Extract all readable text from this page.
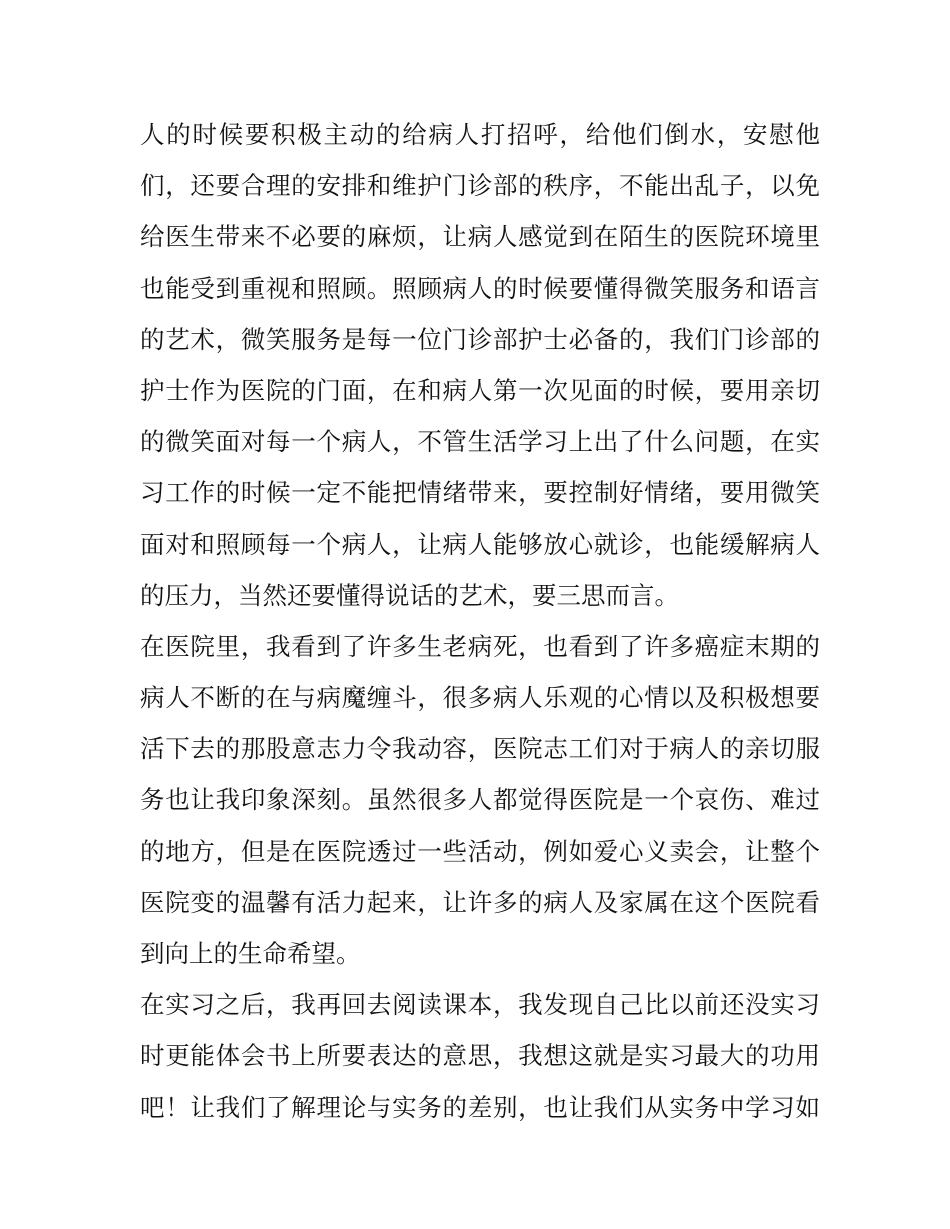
人的时候要积极主动的给病人打招呼，给他们倒水，安慰他
们，还要合理的安排和维护门诊部的秩序，不能出乱子，以免
给医生带来不必要的麻烦，让病人感觉到在陌生的医院环境里
也能受到重视和照顾。照顾病人的时候要懂得微笑服务和语言
的艺术，微笑服务是每一位门诊部护士必备的，我们门诊部的
护士作为医院的门面，在和病人第一次见面的时候，要用亲切
的微笑面对每一个病人，不管生活学习上出了什么问题，在实
习工作的时候一定不能把情绪带来，要控制好情绪，要用微笑
面对和照顾每一个病人，让病人能够放心就诊，也能缓解病人
的压力，当然还要懂得说话的艺术，要三思而言。
在医院里，我看到了许多生老病死，也看到了许多癌症末期的
病人不断的在与病魔缠斗，很多病人乐观的心情以及积极想要
活下去的那股意志力令我动容，医院志工们对于病人的亲切服
务也让我印象深刻。虽然很多人都觉得医院是一个哀伤、难过
的地方，但是在医院透过一些活动，例如爱心义卖会，让整个
医院变的温馨有活力起来，让许多的病人及家属在这个医院看
到向上的生命希望。
在实习之后，我再回去阅读课本，我发现自己比以前还没实习
时更能体会书上所要表达的意思，我想这就是实习最大的功用
吧！让我们了解理论与实务的差别，也让我们从实务中学习如
